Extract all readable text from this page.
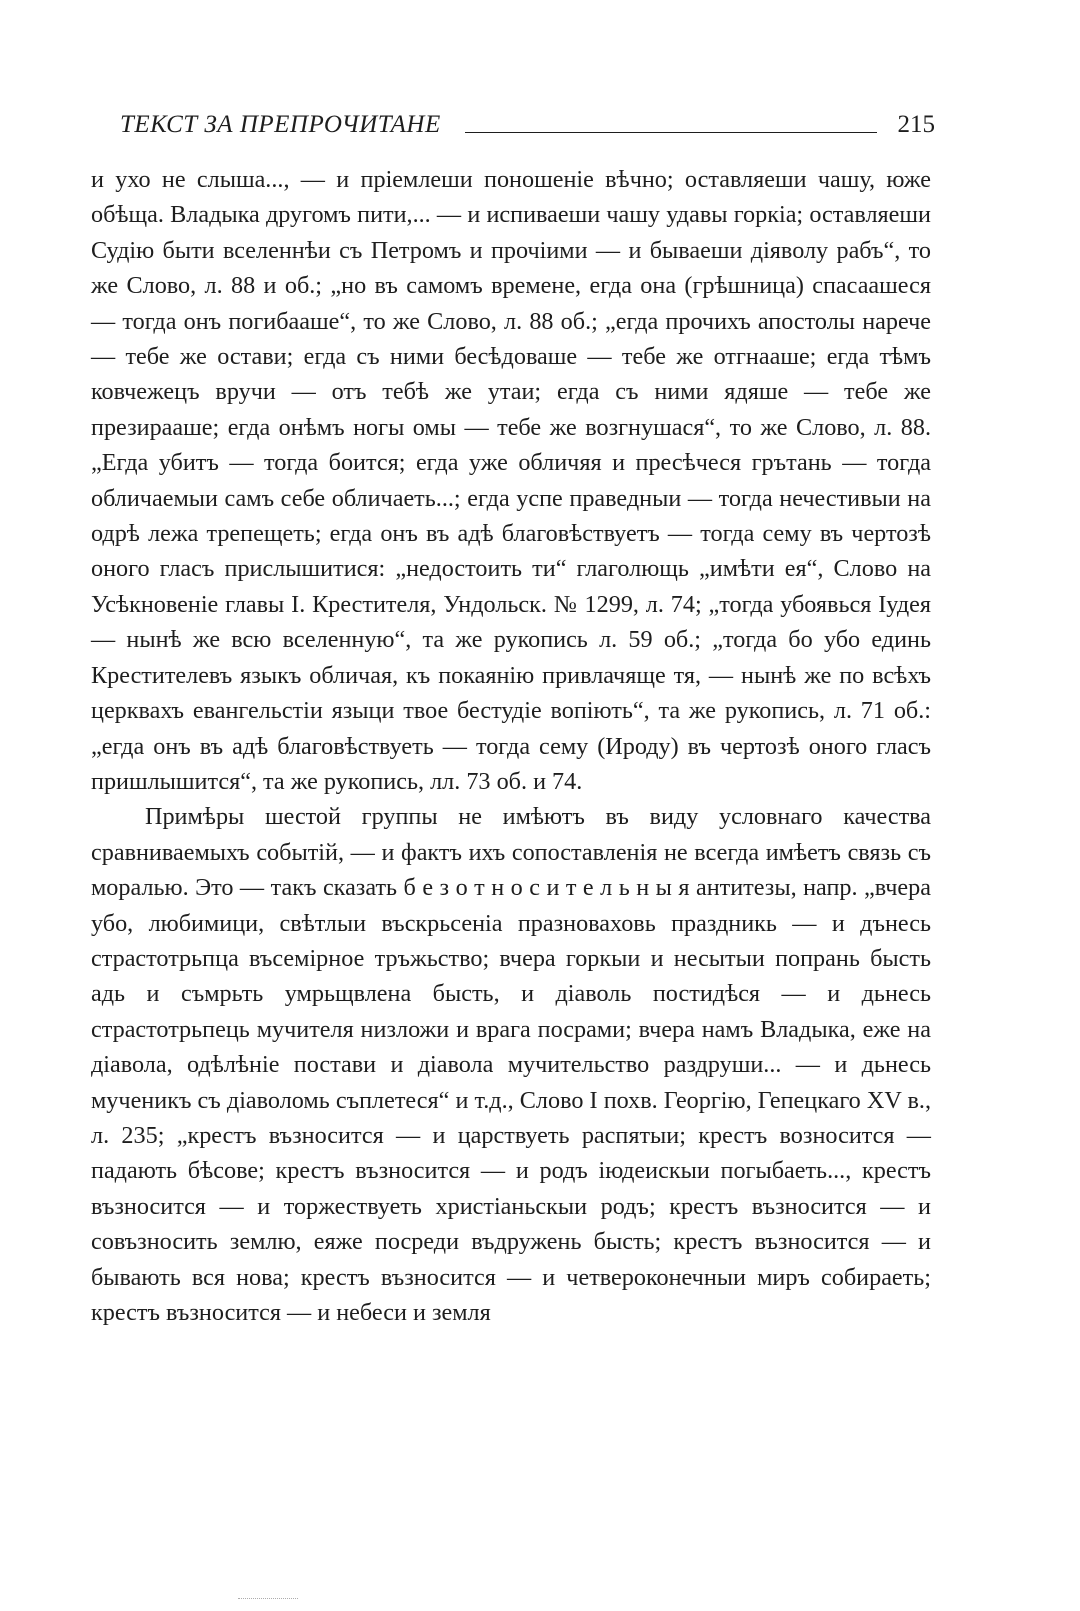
ТЕКСТ ЗА ПРЕПРОЧИТАНЕ	215

и ухо не слыша..., — и пріемлеши поношеніе вѣчно; оставляеши чашу, юже обѣща. Владыка другомъ пити,... — и испиваеши чашу удавы горкіа; оставляеши Судію быти вселеннѣи съ Петромъ и прочіими — и бываеши діяволу рабъ“, то же Слово, л. 88 и об.; „но въ самомъ времене, егда она (грѣшница) спасаашеся — тогда онъ погибааше“, то же Слово, л. 88 об.; „егда прочихъ апостолы нарече — тебе же остави; егда съ ними бесѣдоваше — тебе же отгнааше; егда тѣмъ ковчежецъ вручи — отъ тебѣ же утаи; егда съ ними ядяше — тебе же презирааше; егда онѣмъ ногы омы — тебе же возгнушася“, то же Слово, л. 88. „Егда убитъ — тогда боится; егда уже обличяя и пресѣчеся грътань — тогда обличаемыи самъ себе обличаеть...; егда успе праведныи — тогда нечестивыи на одрѣ лежа трепещеть; егда онъ въ адѣ благовѣствуетъ — тогда сему въ чертозѣ оного гласъ прислышитися: „недостоить ти“ глаголющь „имѣти ея“, Слово на Усѣкновеніе главы І. Крестителя, Ундольск. № 1299, л. 74; „тогда убоявься Іудея — нынѣ же всю вселенную“, та же рукопись л. 59 об.; „тогда бо убо единь Крестителевъ языкъ обличая, къ покаянію привлачяще тя, — нынѣ же по всѣхъ церквахъ евангельстіи языци твое бестудіе вопіють“, та же рукопись, л. 71 об.: „егда онъ въ адѣ благовѣствуеть — тогда сему (Ироду) въ чертозѣ оного гласъ пришлышится“, та же рукопись, лл. 73 об. и 74.

Примѣры шестой группы не имѣютъ въ виду условнаго качества сравниваемыхъ событій, — и фактъ ихъ сопоставленія не всегда имѣетъ связь съ моралью. Это — такъ сказать б е з о т н о с и т е л ь н ы я антитезы, напр. „вчера убо, любимици, свѣтлыи въскрьсеніа празноваховь праздникь — и дънесь страстотрьпца въсемірное тръжьство; вчера горкыи и несытыи попрань бысть адь и съмрьть умрьщвлена бысть, и діаволь постидѣся — и дьнесь страстотрьпець мучителя низложи и врага посрами; вчера намъ Владыка, еже на діавола, одѣлѣніе постави и діавола мучительство раздруши... — и дьнесь мученикъ съ діаволомь съплетеся“ и т.д., Слово І похв. Георгію, Гепецкаго XV в., л. 235; „крестъ възносится — и царствуеть распятыи; крестъ возносится — падають бѣсове; крестъ възносится — и родъ іюдеискыи погыбаеть..., крестъ възносится — и торжествуеть христіаньскыи родъ; крестъ възносится — и совъзносить землю, еяже посреди въдружень бысть; крестъ възносится — и бывають вся нова; крестъ възносится — и четвероконечныи миръ собираеть; крестъ възносится — и небеси и земля
